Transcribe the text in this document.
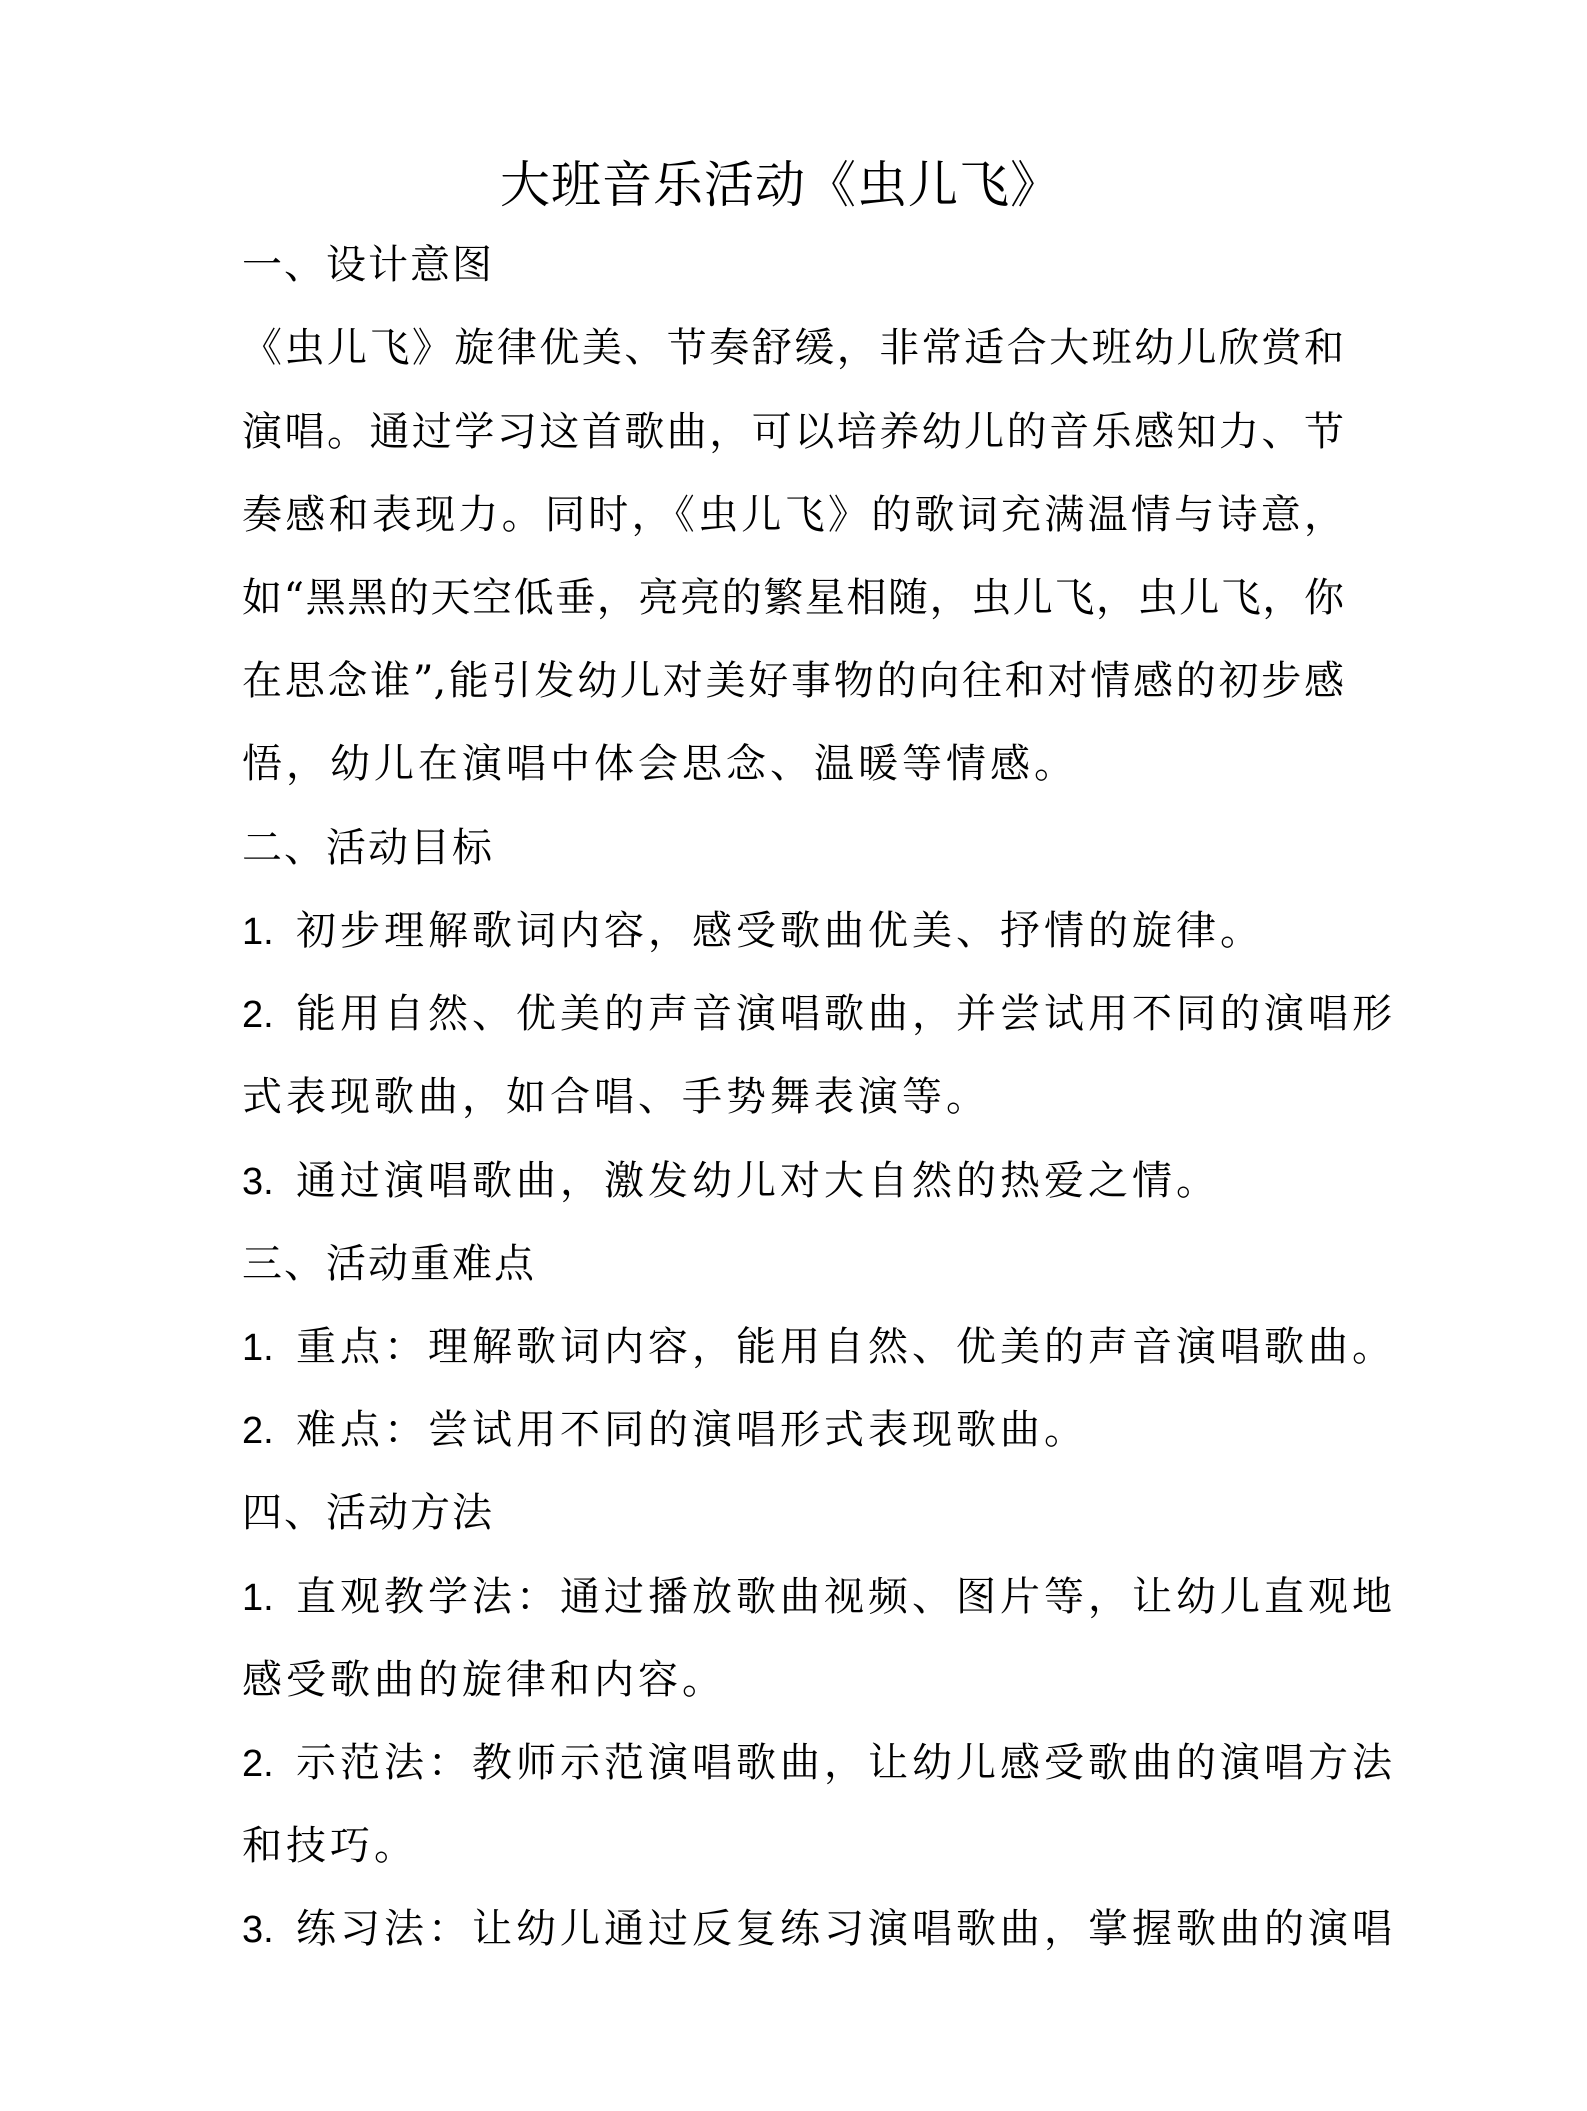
大班音乐活动《虫儿飞》
一、设计意图
《虫儿飞》旋律优美、节奏舒缓，非常适合大班幼儿欣赏和
演唱。通过学习这首歌曲，可以培养幼儿的音乐感知力、节
奏感和表现力。同时，《虫儿飞》的歌词充满温情与诗意，
如“黑黑的天空低垂，亮亮的繁星相随，虫儿飞，虫儿飞，你
在思念谁”,能引发幼儿对美好事物的向往和对情感的初步感
悟，幼儿在演唱中体会思念、温暖等情感。
二、活动目标
1. 初步理解歌词内容，感受歌曲优美、抒情的旋律。
2. 能用自然、优美的声音演唱歌曲，并尝试用不同的演唱形
式表现歌曲，如合唱、手势舞表演等。
3. 通过演唱歌曲，激发幼儿对大自然的热爱之情。
三、活动重难点
1. 重点：理解歌词内容，能用自然、优美的声音演唱歌曲。
2. 难点：尝试用不同的演唱形式表现歌曲。
四、活动方法
1. 直观教学法：通过播放歌曲视频、图片等，让幼儿直观地
感受歌曲的旋律和内容。
2. 示范法：教师示范演唱歌曲，让幼儿感受歌曲的演唱方法
和技巧。
3. 练习法：让幼儿通过反复练习演唱歌曲，掌握歌曲的演唱
